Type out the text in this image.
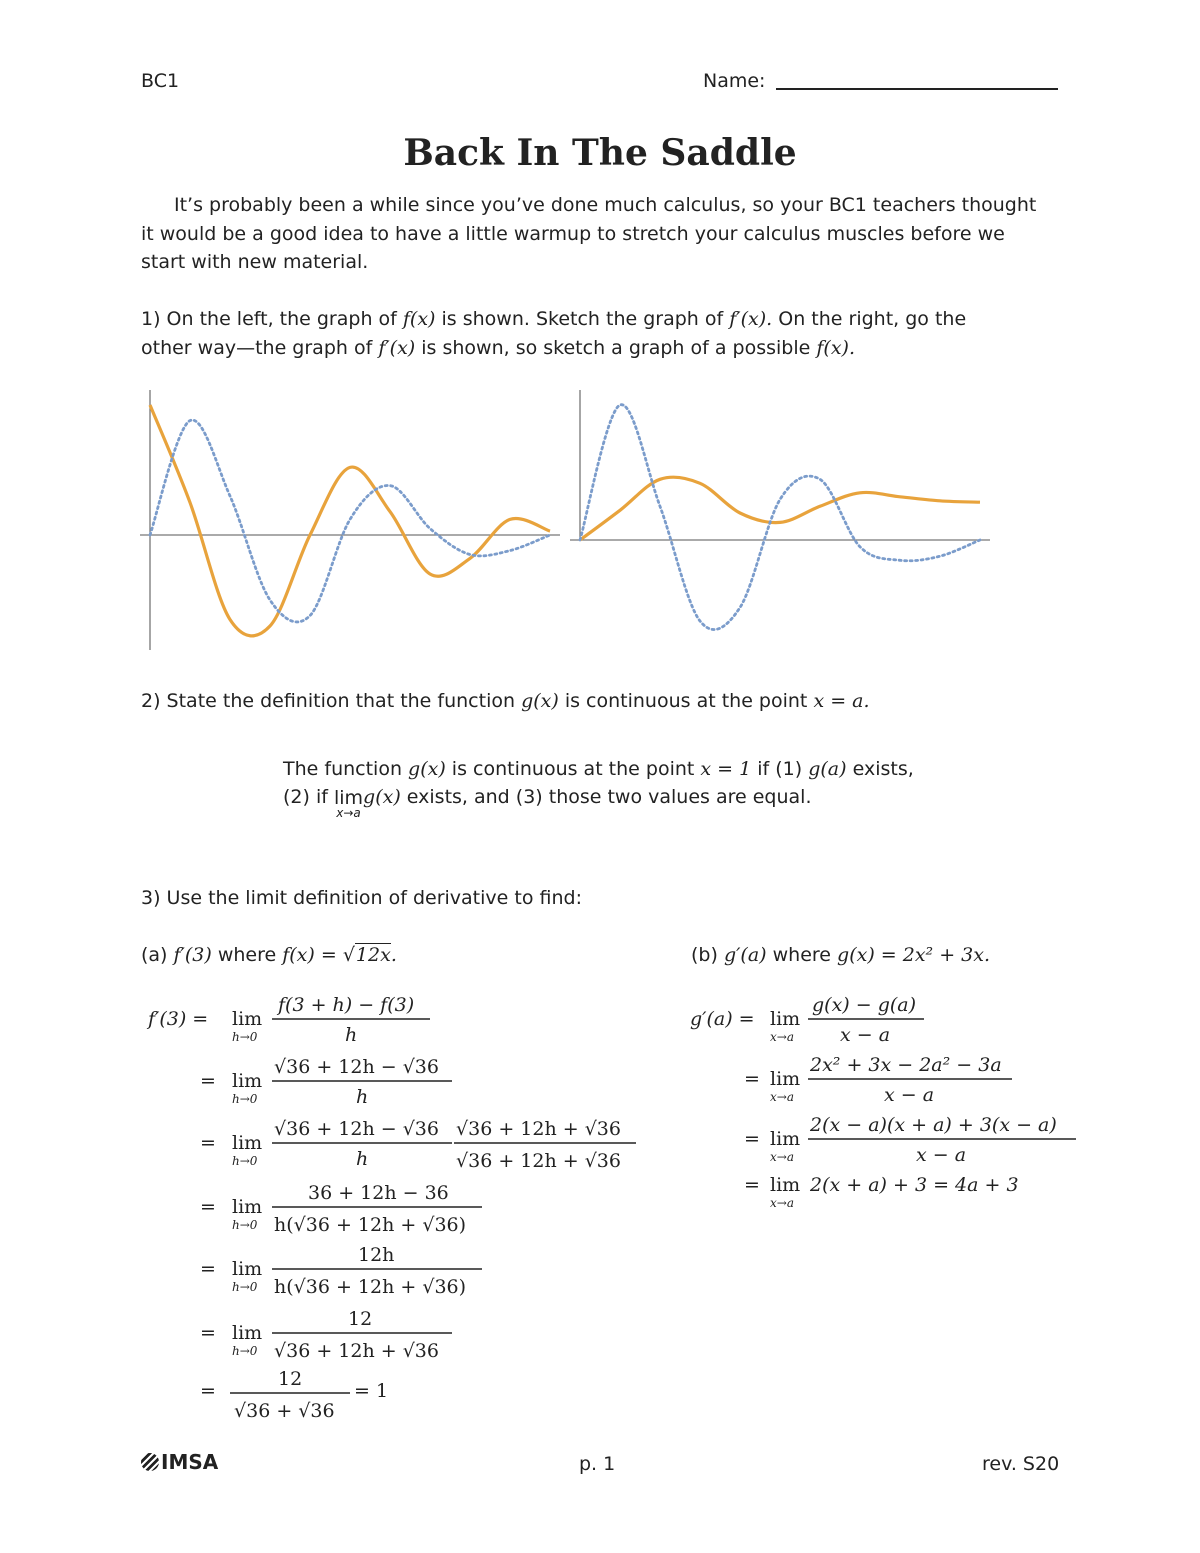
BC1	Name:
Back In The Saddle
It’s probably been a while since you’ve done much calculus, so your BC1 teachers thought
it would be a good idea to have a little warmup to stretch your calculus muscles before we
start with new material.
1) On the left, the graph of f(x) is shown. Sketch the graph of f′(x). On the right, go the
other way—the graph of f′(x) is shown, so sketch a graph of a possible f(x).
2) State the definition that the function g(x) is continuous at the point x = a.
The function g(x) is continuous at the point x = 1 if (1) g(a) exists,
(2) if lim
x→a
g(x) exists, and (3) those two values are equal.
3) Use the limit definition of derivative to find:
(a) f′(3) where f(x) = √12x.	(b) g′(a) where g(x) = 2x² + 3x.
f′(3) = lim
h→0
f(3 + h) − f(3)
h
= lim
h→0
√36 + 12h − √36
h
= lim
h→0
√36 + 12h − √36
h
√36 + 12h + √36
√36 + 12h + √36
= lim
h→0
36 + 12h − 36
h(√36 + 12h + √36)
= lim
h→0
12h
h(√36 + 12h + √36)
= lim
h→0
12
√36 + 12h + √36
=
12
√36 + √36
= 1
g′(a) = lim
x→a
g(x) − g(a)
x − a
= lim
x→a
2x² + 3x − 2a² − 3a
x − a
= lim
x→a
2(x − a)(x + a) + 3(x − a)
x − a
= lim
x→a
2(x + a) + 3 = 4a + 3
IMSA	p. 1	rev. S20
